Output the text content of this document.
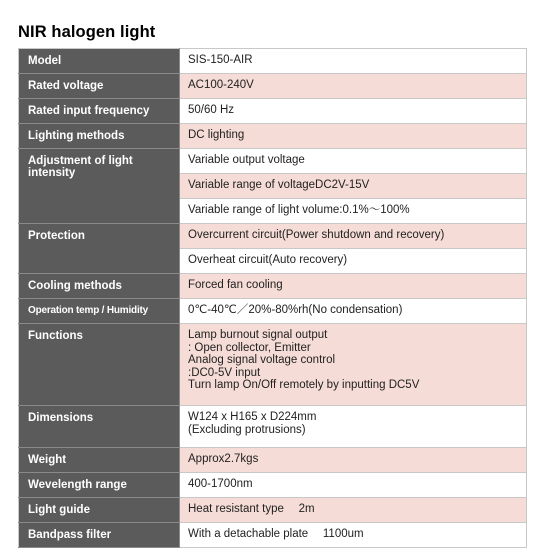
NIR halogen light
Model	SIS-150-AIR
Rated voltage	AC100-240V
Rated input frequency	50/60 Hz
Lighting methods	DC lighting
Adjustment of light intensity	Variable output voltage
	Variable range of voltageDC2V-15V
	Variable range of light volume:0.1%～100%
Protection	Overcurrent circuit(Power shutdown and recovery)
	Overheat circuit(Auto recovery)
Cooling methods	Forced fan cooling
Operation temp / Humidity	0℃-40℃／20%-80%rh(No condensation)
Functions	Lamp burnout signal output
: Open collector, Emitter
Analog signal voltage control
:DC0-5V input
Turn lamp On/Off remotely by inputting DC5V

Dimensions	W124 x H165 x D224mm
(Excluding protrusions)

Weight	Approx2.7kgs
Wevelength range	400-1700nm
Light guide	Heat resistant type　 2m
Bandpass filter	With a detachable plate　 1100um
